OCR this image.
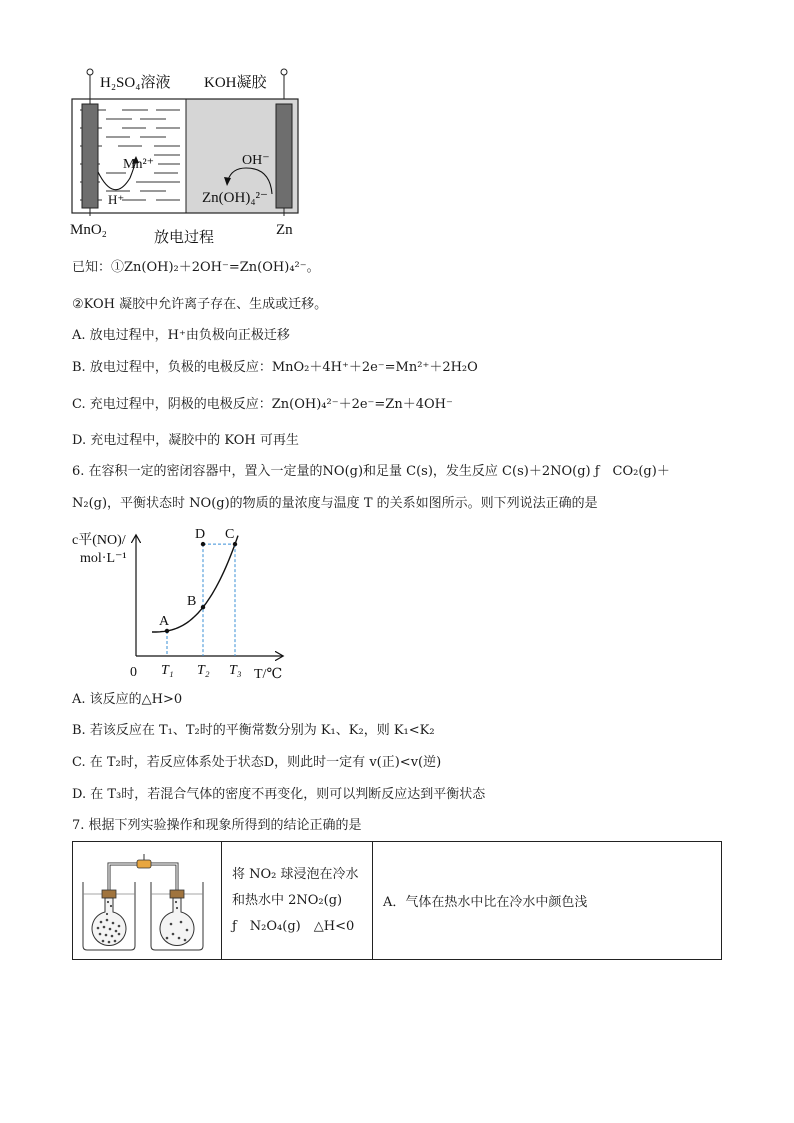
H₂SO₄溶液 KOH凝胶
Mn²⁺
H⁺
OH⁻
Zn(OH)₄²⁻
MnO₂	Zn
放电过程
已知：①Zn(OH)₂＋2OH⁻=Zn(OH)₄²⁻。
②KOH 凝胶中允许离子存在、生成或迁移。
A. 放电过程中，H⁺由负极向正极迁移
B. 放电过程中，负极的电极反应：MnO₂＋4H⁺＋2e⁻=Mn²⁺＋2H₂O
C. 充电过程中，阴极的电极反应：Zn(OH)₄²⁻＋2e⁻=Zn＋4OH⁻
D. 充电过程中，凝胶中的 KOH 可再生
6. 在容积一定的密闭容器中，置入一定量的NO(g)和足量 C(s)，发生反应 C(s)＋2NO(g) ƒ　CO₂(g)＋
N₂(g)，平衡状态时 NO(g)的物质的量浓度与温度 T 的关系如图所示。则下列说法正确的是
c平(NO)/
mol·L⁻¹
T/℃
0 T₁ T₂ T₃
A
B
C
D
A. 该反应的△H>0
B. 若该反应在 T₁、T₂时的平衡常数分别为 K₁、K₂，则 K₁<K₂
C. 在 T₂时，若反应体系处于状态D，则此时一定有 v(正)<v(逆)
D. 在 T₃时，若混合气体的密度不再变化，则可以判断反应达到平衡状态
7. 根据下列实验操作和现象所得到的结论正确的是

将 NO₂ 球浸泡在冷水
和热水中 2NO₂(g)
ƒ　N₂O₄(g)　△H<0
	A．气体在热水中比在冷水中颜色浅
